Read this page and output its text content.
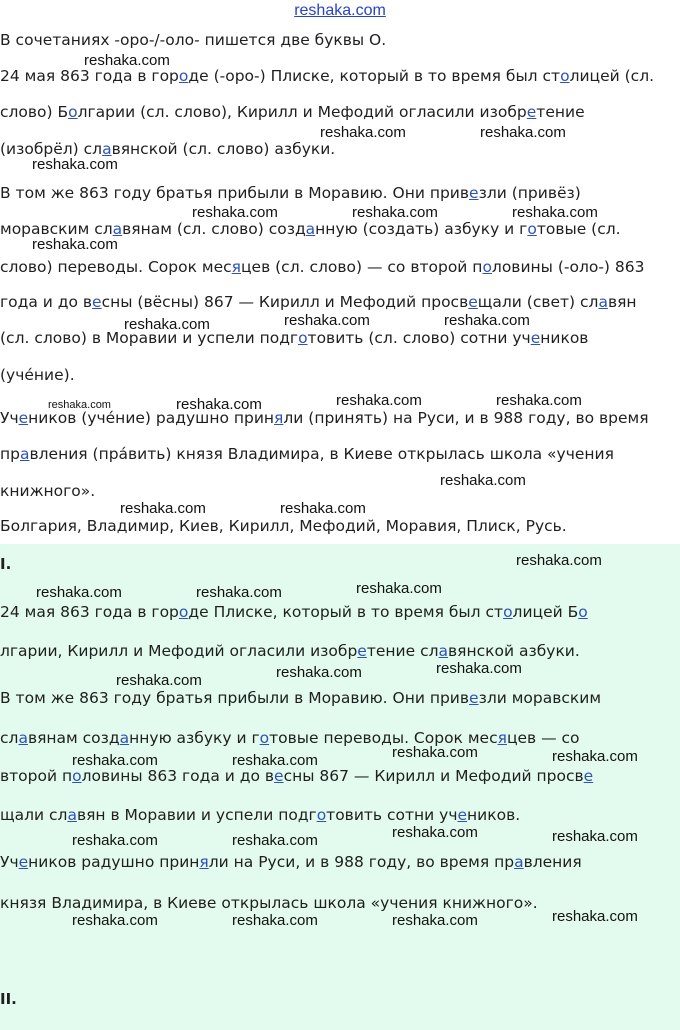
reshaka.com
В сочетаниях -оро-/-оло- пишется две буквы О.
24 мая 863 года в городе (-оро-) Плиске, который в то время был столицей (сл.
слово) Болгарии (сл. слово), Кирилл и Мефодий огласили изобретение
(изобрёл) славянской (сл. слово) азбуки.
В том же 863 году братья прибыли в Моравию. Они привезли (привёз)
моравским славянам (сл. слово) созданную (создать) азбуку и готовые (сл.
слово) переводы. Сорок месяцев (сл. слово) — со второй половины (-оло-) 863
года и до весны (вёсны) 867 — Кирилл и Мефодий просвещали (свет) славян
(сл. слово) в Моравии и успели подготовить (сл. слово) сотни учеников
(учéние).
Учеников (учéние) радушно приняли (принять) на Руси, и в 988 году, во время
правления (прáвить) князя Владимира, в Киеве открылась школа «учения
книжного».
Болгария, Владимир, Киев, Кирилл, Мефодий, Моравия, Плиск, Русь.
I.
II.
24 мая 863 года в городе Плиске, который в то время был столицей Бо
лгарии, Кирилл и Мефодий огласили изобретение славянской азбуки.
В том же 863 году братья прибыли в Моравию. Они привезли моравским
славянам созданную азбуку и готовые переводы. Сорок месяцев — со
второй половины 863 года и до весны 867 — Кирилл и Мефодий просве
щали славян в Моравии и успели подготовить сотни учеников.
Учеников радушно приняли на Руси, и в 988 году, во время правления
князя Владимира, в Киеве открылась школа «учения книжного».
reshaka.com
reshaka.com	reshaka.com
reshaka.com
reshaka.com	reshaka.com	reshaka.com
reshaka.com
reshaka.com	reshaka.com	reshaka.com
reshaka.com	reshaka.com	reshaka.com	reshaka.com
reshaka.com
reshaka.com	reshaka.com
reshaka.com
reshaka.com	reshaka.com	reshaka.com
reshaka.com	reshaka.com	reshaka.com
reshaka.com
reshaka.com	reshaka.com	reshaka.com
reshaka.com
reshaka.com	reshaka.com	reshaka.com
reshaka.com	reshaka.com	reshaka.com	reshaka.com
